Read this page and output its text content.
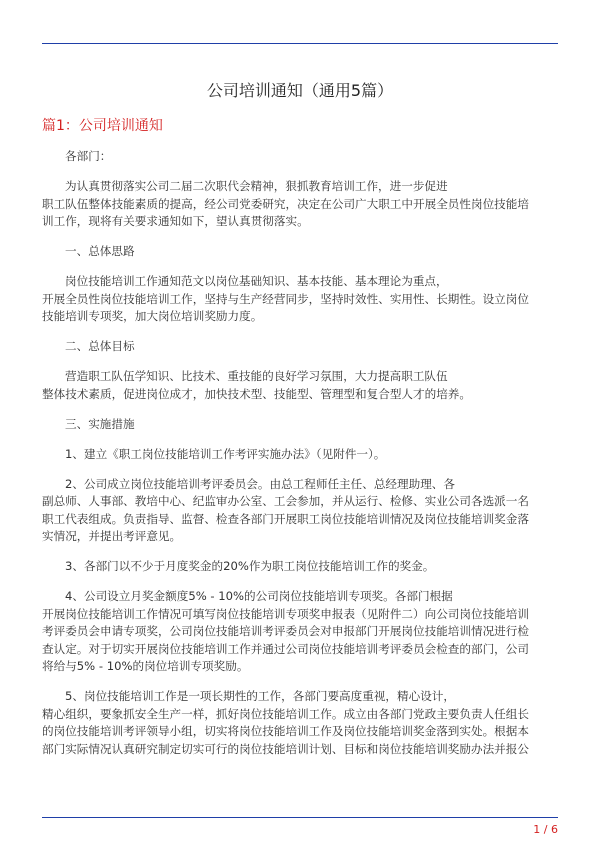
公司培训通知（通用5篇）
篇1：公司培训通知
各部门：
为认真贯彻落实公司二届二次职代会精神，狠抓教育培训工作，进一步促进
职工队伍整体技能素质的提高，经公司党委研究，决定在公司广大职工中开展全员性岗位技能培
训工作，现将有关要求通知如下，望认真贯彻落实。
一、总体思路
岗位技能培训工作通知范文以岗位基础知识、基本技能、基本理论为重点，
开展全员性岗位技能培训工作，坚持与生产经营同步，坚持时效性、实用性、长期性。设立岗位
技能培训专项奖，加大岗位培训奖励力度。
二、总体目标
营造职工队伍学知识、比技术、重技能的良好学习氛围，大力提高职工队伍
整体技术素质，促进岗位成才，加快技术型、技能型、管理型和复合型人才的培养。
三、实施措施
1、建立《职工岗位技能培训工作考评实施办法》（见附件一）。
2、公司成立岗位技能培训考评委员会。由总工程师任主任、总经理助理、各
副总师、人事部、教培中心、纪监审办公室、工会参加，并从运行、检修、实业公司各选派一名
职工代表组成。负责指导、监督、检查各部门开展职工岗位技能培训情况及岗位技能培训奖金落
实情况，并提出考评意见。
3、各部门以不少于月度奖金的20%作为职工岗位技能培训工作的奖金。
4、公司设立月奖金额度5% - 10%的公司岗位技能培训专项奖。各部门根据
开展岗位技能培训工作情况可填写岗位技能培训专项奖申报表（见附件二）向公司岗位技能培训
考评委员会申请专项奖，公司岗位技能培训考评委员会对申报部门开展岗位技能培训情况进行检
查认定。对于切实开展岗位技能培训工作并通过公司岗位技能培训考评委员会检查的部门，公司
将给与5% - 10%的岗位培训专项奖励。
5、岗位技能培训工作是一项长期性的工作，各部门要高度重视，精心设计，
精心组织，要象抓安全生产一样，抓好岗位技能培训工作。成立由各部门党政主要负责人任组长
的岗位技能培训考评领导小组，切实将岗位技能培训工作及岗位技能培训奖金落到实处。根据本
部门实际情况认真研究制定切实可行的岗位技能培训计划、目标和岗位技能培训奖励办法并报公
1 / 6
